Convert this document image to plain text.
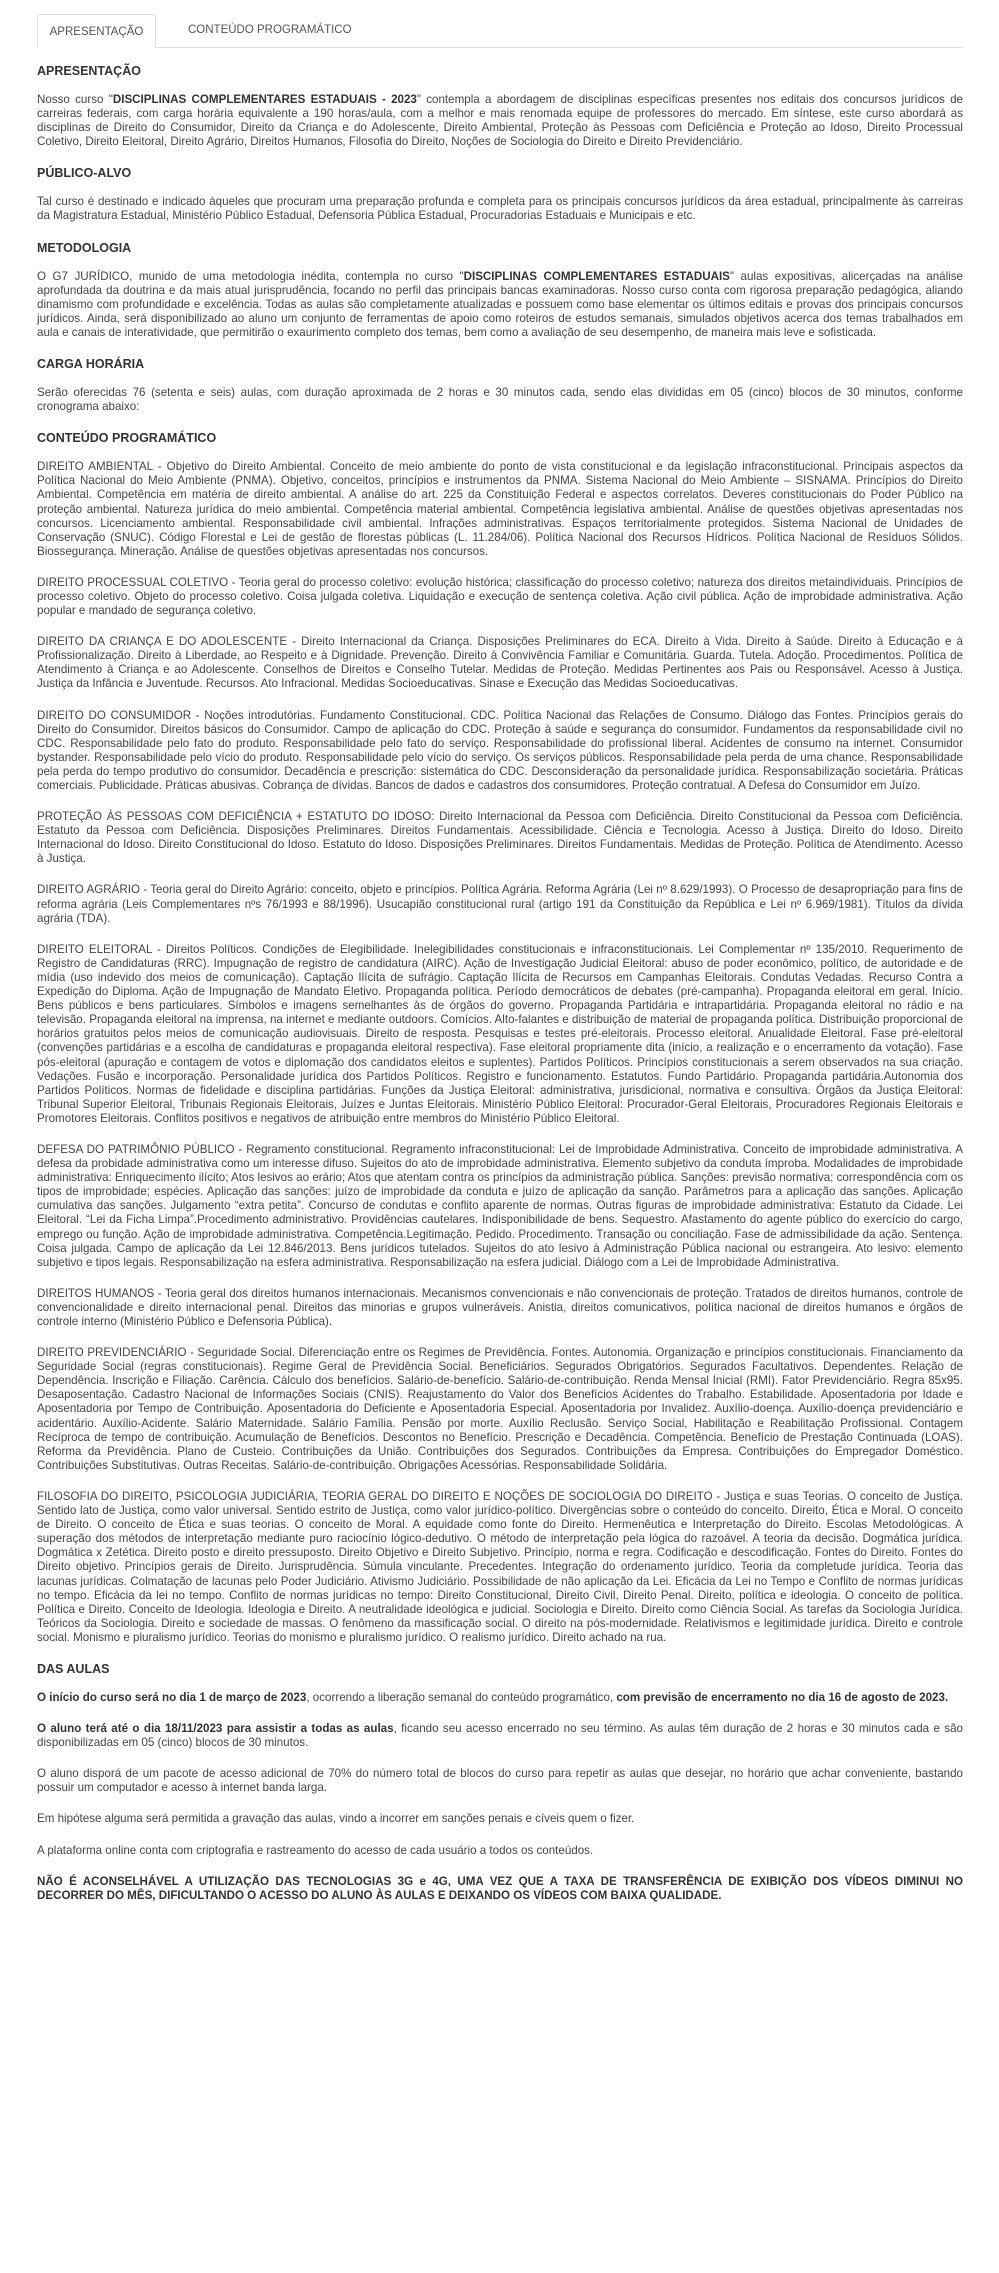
APRESENTAÇÃO	CONTEÚDO PROGRAMÁTICO
APRESENTAÇÃO

Nosso curso "DISCIPLINAS COMPLEMENTARES ESTADUAIS - 2023" contempla a abordagem de disciplinas específicas presentes nos editais dos concursos jurídicos de carreiras federais, com carga horária equivalente a 190 horas/aula, com a melhor e mais renomada equipe de professores do mercado. Em síntese, este curso abordará as disciplinas de Direito do Consumidor, Direito da Criança e do Adolescente, Direito Ambiental, Proteção às Pessoas com Deficiência e Proteção ao Idoso, Direito Processual Coletivo, Direito Eleitoral, Direito Agrário, Direitos Humanos, Filosofia do Direito, Noções de Sociologia do Direito e Direito Previdenciário.

PÚBLICO-ALVO

Tal curso é destinado e indicado àqueles que procuram uma preparação profunda e completa para os principais concursos jurídicos da área estadual, principalmente às carreiras da Magistratura Estadual, Ministério Público Estadual, Defensoria Pública Estadual, Procuradorias Estaduais e Municipais e etc.

METODOLOGIA

O G7 JURÍDICO, munido de uma metodologia inédita, contempla no curso "DISCIPLINAS COMPLEMENTARES ESTADUAIS" aulas expositivas, alicerçadas na análise aprofundada da doutrina e da mais atual jurisprudência, focando no perfil das principais bancas examinadoras. Nosso curso conta com rigorosa preparação pedagógica, aliando dinamismo com profundidade e excelência. Todas as aulas são completamente atualizadas e possuem como base elementar os últimos editais e provas dos principais concursos jurídicos. Ainda, será disponibilizado ao aluno um conjunto de ferramentas de apoio como roteiros de estudos semanais, simulados objetivos acerca dos temas trabalhados em aula e canais de interatividade, que permitirão o exaurimento completo dos temas, bem como a avaliação de seu desempenho, de maneira mais leve e sofisticada.

CARGA HORÁRIA

Serão oferecidas 76 (setenta e seis) aulas, com duração aproximada de 2 horas e 30 minutos cada, sendo elas divididas em 05 (cinco) blocos de 30 minutos, conforme cronograma abaixo:

CONTEÚDO PROGRAMÁTICO

DIREITO AMBIENTAL - Objetivo do Direito Ambiental. Conceito de meio ambiente do ponto de vista constitucional e da legislação infraconstitucional. Principais aspectos da Política Nacional do Meio Ambiente (PNMA). Objetivo, conceitos, princípios e instrumentos da PNMA. Sistema Nacional do Meio Ambiente – SISNAMA. Princípios do Direito Ambiental. Competência em matéria de direito ambiental. A análise do art. 225 da Constituição Federal e aspectos correlatos. Deveres constitucionais do Poder Público na proteção ambiental. Natureza jurídica do meio ambiental. Competência material ambiental. Competência legislativa ambiental. Análise de questões objetivas apresentadas nos concursos. Licenciamento ambiental. Responsabilidade civil ambiental. Infrações administrativas. Espaços territorialmente protegidos. Sistema Nacional de Unidades de Conservação (SNUC). Código Florestal e Lei de gestão de florestas públicas (L. 11.284/06). Política Nacional dos Recursos Hídricos. Política Nacional de Resíduos Sólidos. Biossegurança. Mineração. Análise de questões objetivas apresentadas nos concursos.

DIREITO PROCESSUAL COLETIVO - Teoria geral do processo coletivo: evolução histórica; classificação do processo coletivo; natureza dos direitos metaindividuais. Princípios de processo coletivo. Objeto do processo coletivo. Coisa julgada coletiva. Liquidação e execução de sentença coletiva. Ação civil pública. Ação de improbidade administrativa. Ação popular e mandado de segurança coletivo.

DIREITO DA CRIANÇA E DO ADOLESCENTE - Direito Internacional da Criança. Disposições Preliminares do ECA. Direito à Vida. Direito à Saúde. Direito à Educação e à Profissionalização. Direito à Liberdade, ao Respeito e à Dignidade. Prevenção. Direito à Convivência Familiar e Comunitária. Guarda. Tutela. Adoção. Procedimentos. Política de Atendimento à Criança e ao Adolescente. Conselhos de Direitos e Conselho Tutelar. Medidas de Proteção. Medidas Pertinentes aos Pais ou Responsável. Acesso à Justiça. Justiça da Infância e Juventude. Recursos. Ato Infracional. Medidas Socioeducativas. Sinase e Execução das Medidas Socioeducativas.

DIREITO DO CONSUMIDOR - Noções introdutórias. Fundamento Constitucional. CDC. Política Nacional das Relações de Consumo. Diálogo das Fontes. Princípios gerais do Direito do Consumidor. Direitos básicos do Consumidor. Campo de aplicação do CDC. Proteção à saúde e segurança do consumidor. Fundamentos da responsabilidade civil no CDC. Responsabilidade pelo fato do produto. Responsabilidade pelo fato do serviço. Responsabilidade do profissional liberal. Acidentes de consumo na internet. Consumidor bystander. Responsabilidade pelo vício do produto. Responsabilidade pelo vício do serviço. Os serviços públicos. Responsabilidade pela perda de uma chance. Responsabilidade pela perda do tempo produtivo do consumidor. Decadência e prescrição: sistemática do CDC. Desconsideração da personalidade jurídica. Responsabilização societária. Práticas comerciais. Publicidade. Práticas abusivas. Cobrança de dívidas. Bancos de dados e cadastros dos consumidores. Proteção contratual. A Defesa do Consumidor em Juízo.

PROTEÇÃO ÀS PESSOAS COM DEFICIÊNCIA + ESTATUTO DO IDOSO: Direito Internacional da Pessoa com Deficiência. Direito Constitucional da Pessoa com Deficiência. Estatuto da Pessoa com Deficiência. Disposições Preliminares. Direitos Fundamentais. Acessibilidade. Ciência e Tecnologia. Acesso à Justiça. Direito do Idoso. Direito Internacional do Idoso. Direito Constitucional do Idoso. Estatuto do Idoso. Disposições Preliminares. Direitos Fundamentais. Medidas de Proteção. Política de Atendimento. Acesso à Justiça.

DIREITO AGRÁRIO - Teoria geral do Direito Agrário: conceito, objeto e princípios. Política Agrária. Reforma Agrária (Lei nº 8.629/1993). O Processo de desapropriação para fins de reforma agrária (Leis Complementares nºs 76/1993 e 88/1996). Usucapião constitucional rural (artigo 191 da Constituição da República e Lei nº 6.969/1981). Títulos da dívida agrária (TDA).

DIREITO ELEITORAL - Direitos Políticos. Condições de Elegibilidade. Inelegibilidades constitucionais e infraconstitucionais. Lei Complementar nº 135/2010. Requerimento de Registro de Candidaturas (RRC). Impugnação de registro de candidatura (AIRC). Ação de Investigação Judicial Eleitoral: abuso de poder econômico, político, de autoridade e de mídia (uso indevido dos meios de comunicação). Captação Ilícita de sufrágio. Captação Ilícita de Recursos em Campanhas Eleitorais. Condutas Vedadas. Recurso Contra a Expedição do Diploma. Ação de Impugnação de Mandato Eletivo. Propaganda política. Período democráticos de debates (pré-campanha). Propaganda eleitoral em geral. Início. Bens públicos e bens particulares. Símbolos e imagens semelhantes às de órgãos do governo. Propaganda Partidária e intrapartidária. Propaganda eleitoral no rádio e na televisão. Propaganda eleitoral na imprensa, na internet e mediante outdoors. Comícios. Alto-falantes e distribuição de material de propaganda política. Distribuição proporcional de horários gratuitos pelos meios de comunicação audiovisuais. Direito de resposta. Pesquisas e testes pré-eleitorais. Processo eleitoral. Anualidade Eleitoral. Fase pré-eleitoral (convenções partidárias e a escolha de candidaturas e propaganda eleitoral respectiva). Fase eleitoral propriamente dita (início, a realização e o encerramento da votação). Fase pós-eleitoral (apuração e contagem de votos e diplomação dos candidatos eleitos e suplentes). Partidos Políticos. Princípios constitucionais a serem observados na sua criação. Vedações. Fusão e incorporação. Personalidade jurídica dos Partidos Políticos. Registro e funcionamento. Estatutos. Fundo Partidário. Propaganda partidária.Autonomia dos Partidos Políticos. Normas de fidelidade e disciplina partidárias. Funções da Justiça Eleitoral: administrativa, jurisdicional, normativa e consultiva. Órgãos da Justiça Eleitoral: Tribunal Superior Eleitoral, Tribunais Regionais Eleitorais, Juízes e Juntas Eleitorais. Ministério Público Eleitoral: Procurador-Geral Eleitorais, Procuradores Regionais Eleitorais e Promotores Eleitorais. Conflitos positivos e negativos de atribuição entre membros do Ministério Público Eleitoral.

DEFESA DO PATRIMÔNIO PÚBLICO - Regramento constitucional. Regramento infraconstitucional: Lei de Improbidade Administrativa. Conceito de improbidade administrativa. A defesa da probidade administrativa como um interesse difuso. Sujeitos do ato de improbidade administrativa. Elemento subjetivo da conduta ímproba. Modalidades de improbidade administrativa: Enriquecimento ilícito; Atos lesivos ao erário; Atos que atentam contra os princípios da administração pública. Sanções: previsão normativa; correspondência com os tipos de improbidade; espécies. Aplicação das sanções: juízo de improbidade da conduta e juízo de aplicação da sanção. Parâmetros para a aplicação das sanções. Aplicação cumulativa das sanções. Julgamento “extra petita”. Concurso de condutas e conflito aparente de normas. Outras figuras de improbidade administrativa: Estatuto da Cidade. Lei Eleitoral. “Lei da Ficha Limpa”.Procedimento administrativo. Providências cautelares. Indisponibilidade de bens. Sequestro. Afastamento do agente público do exercício do cargo, emprego ou função. Ação de improbidade administrativa. Competência.Legitimação. Pedido. Procedimento. Transação ou conciliação. Fase de admissibilidade da ação. Sentença. Coisa julgada. Campo de aplicação da Lei 12.846/2013. Bens jurídicos tutelados. Sujeitos do ato lesivo à Administração Pública nacional ou estrangeira. Ato lesivo: elemento subjetivo e tipos legais. Responsabilização na esfera administrativa. Responsabilização na esfera judicial. Diálogo com a Lei de Improbidade Administrativa.

DIREITOS HUMANOS - Teoria geral dos direitos humanos internacionais. Mecanismos convencionais e não convencionais de proteção. Tratados de direitos humanos, controle de convencionalidade e direito internacional penal. Direitos das minorias e grupos vulneráveis. Anistia, direitos comunicativos, política nacional de direitos humanos e órgãos de controle interno (Ministério Público e Defensoria Pública).

DIREITO PREVIDENCIÁRIO - Seguridade Social. Diferenciação entre os Regimes de Previdência. Fontes. Autonomia. Organização e princípios constitucionais. Financiamento da Seguridade Social (regras constitucionais). Regime Geral de Previdência Social. Beneficiários. Segurados Obrigatórios. Segurados Facultativos. Dependentes. Relação de Dependência. Inscrição e Filiação. Carência. Cálculo dos benefícios. Salário-de-benefício. Salário-de-contribuição. Renda Mensal Inicial (RMI). Fator Previdenciário. Regra 85x95. Desaposentação. Cadastro Nacional de Informações Sociais (CNIS). Reajustamento do Valor dos Benefícios Acidentes do Trabalho. Estabilidade. Aposentadoria por Idade e Aposentadoria por Tempo de Contribuição. Aposentadoria do Deficiente e Aposentadoria Especial. Aposentadoria por Invalidez. Auxílio-doença. Auxílio-doença previdenciário e acidentário. Auxílio-Acidente. Salário Maternidade. Salário Família. Pensão por morte. Auxílio Reclusão. Serviço Social, Habilitação e Reabilitação Profissional. Contagem Recíproca de tempo de contribuição. Acumulação de Benefícios. Descontos no Benefício. Prescrição e Decadência. Competência. Benefício de Prestação Continuada (LOAS). Reforma da Previdência. Plano de Custeio. Contribuições da União. Contribuições dos Segurados. Contribuições da Empresa. Contribuições do Empregador Doméstico. Contribuições Substitutivas. Outras Receitas. Salário-de-contribuição. Obrigações Acessórias. Responsabilidade Solidária.

FILOSOFIA DO DIREITO, PSICOLOGIA JUDICIÁRIA, TEORIA GERAL DO DIREITO E NOÇÕES DE SOCIOLOGIA DO DIREITO - Justiça e suas Teorias. O conceito de Justiça. Sentido lato de Justiça, como valor universal. Sentido estrito de Justiça, como valor jurídico-político. Divergências sobre o conteúdo do conceito. Direito, Ética e Moral. O conceito de Direito. O conceito de Ética e suas teorias. O conceito de Moral. A equidade como fonte do Direito. Hermenêutica e Interpretação do Direito. Escolas Metodológicas. A superação dos métodos de interpretação mediante puro raciocínio lógico-dedutivo. O método de interpretação pela lógica do razoável. A teoria da decisão. Dogmática jurídica. Dogmática x Zetética. Direito posto e direito pressuposto. Direito Objetivo e Direito Subjetivo. Princípio, norma e regra. Codificação e descodificação. Fontes do Direito. Fontes do Direito objetivo. Princípios gerais de Direito. Jurisprudência. Súmula vinculante. Precedentes. Integração do ordenamento jurídico. Teoria da completude jurídica. Teoria das lacunas jurídicas. Colmatação de lacunas pelo Poder Judiciário. Ativismo Judiciário. Possibilidade de não aplicação da Lei. Eficácia da Lei no Tempo e Conflito de normas jurídicas no tempo. Eficácia da lei no tempo. Conflito de normas jurídicas no tempo: Direito Constitucional, Direito Civil, Direito Penal. Direito, política e ideologia. O conceito de política. Política e Direito. Conceito de Ideologia. Ideologia e Direito. A neutralidade ideológica e judicial. Sociologia e Direito. Direito como Ciência Social. As tarefas da Sociologia Jurídica. Teóricos da Sociologia. Direito e sociedade de massas. O fenômeno da massificação social. O direito na pós-modernidade. Relativismos e legitimidade jurídica. Direito e controle social. Monismo e pluralismo jurídico. Teorias do monismo e pluralismo jurídico. O realismo jurídico. Direito achado na rua.

DAS AULAS

O início do curso será no dia 1 de março de 2023, ocorrendo a liberação semanal do conteúdo programático, com previsão de encerramento no dia 16 de agosto de 2023.

O aluno terá até o dia 18/11/2023 para assistir a todas as aulas, ficando seu acesso encerrado no seu término. As aulas têm duração de 2 horas e 30 minutos cada e são disponibilizadas em 05 (cinco) blocos de 30 minutos.

O aluno disporá de um pacote de acesso adicional de 70% do número total de blocos do curso para repetir as aulas que desejar, no horário que achar conveniente, bastando possuir um computador e acesso à internet banda larga.

Em hipótese alguma será permitida a gravação das aulas, vindo a incorrer em sanções penais e cíveis quem o fizer.

A plataforma online conta com criptografia e rastreamento do acesso de cada usuário a todos os conteúdos.

NÃO É ACONSELHÁVEL A UTILIZAÇÃO DAS TECNOLOGIAS 3G e 4G, UMA VEZ QUE A TAXA DE TRANSFERÊNCIA DE EXIBIÇÃO DOS VÍDEOS DIMINUI NO DECORRER DO MÊS, DIFICULTANDO O ACESSO DO ALUNO ÀS AULAS E DEIXANDO OS VÍDEOS COM BAIXA QUALIDADE.
